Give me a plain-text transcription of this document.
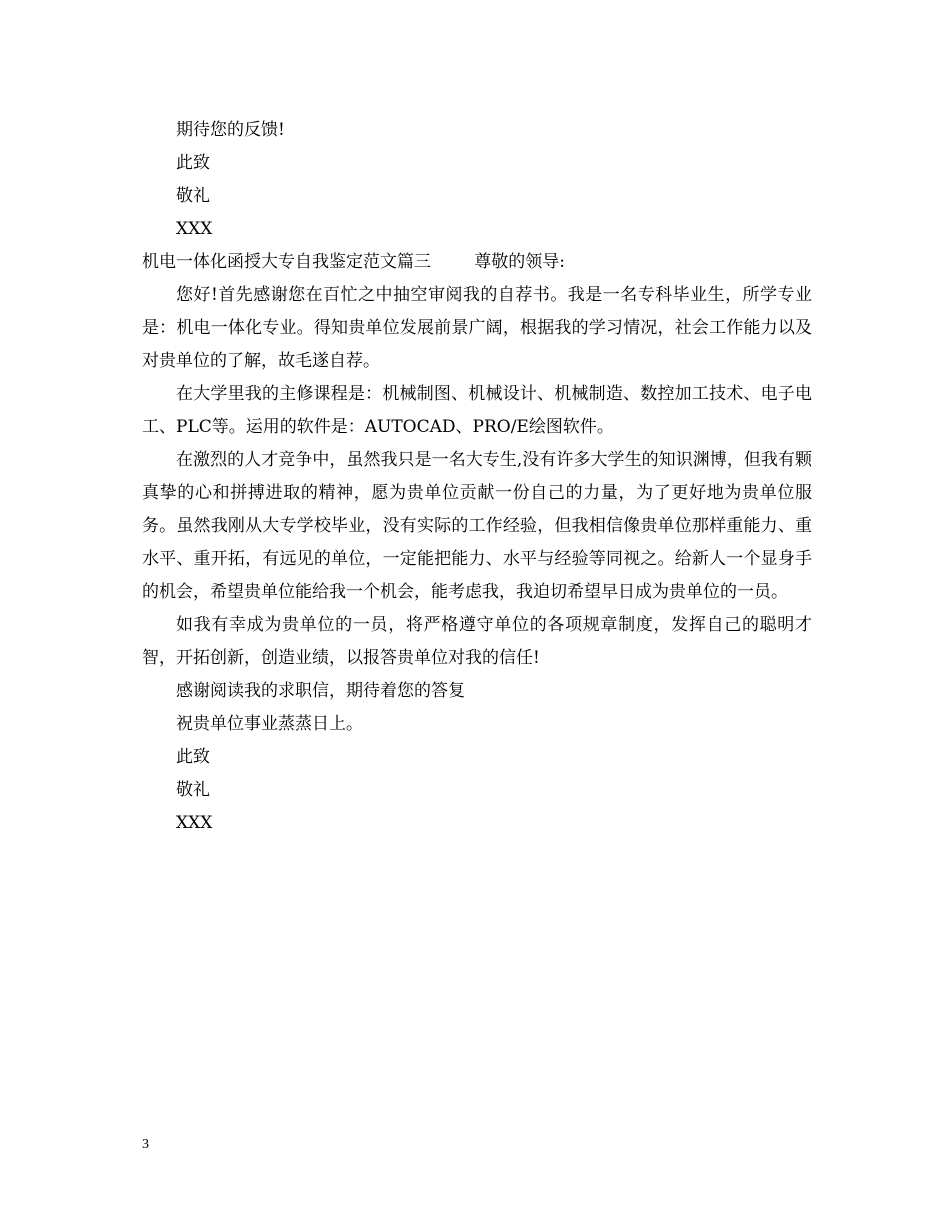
期待您的反馈!

此致

敬礼

XXX

机电一体化函授大专自我鉴定范文篇三	尊敬的领导:

您好!首先感谢您在百忙之中抽空审阅我的自荐书。我是一名专科毕业生，所学专业是：机电一体化专业。得知贵单位发展前景广阔，根据我的学习情况，社会工作能力以及对贵单位的了解，故毛遂自荐。

在大学里我的主修课程是：机械制图、机械设计、机械制造、数控加工技术、电子电工、PLC等。运用的软件是：AUTOCAD、PRO/E绘图软件。

在激烈的人才竞争中，虽然我只是一名大专生,没有许多大学生的知识渊博，但我有颗真挚的心和拼搏进取的精神，愿为贵单位贡献一份自己的力量，为了更好地为贵单位服务。虽然我刚从大专学校毕业，没有实际的工作经验，但我相信像贵单位那样重能力、重水平、重开拓，有远见的单位，一定能把能力、水平与经验等同视之。给新人一个显身手的机会，希望贵单位能给我一个机会，能考虑我，我迫切希望早日成为贵单位的一员。

如我有幸成为贵单位的一员，将严格遵守单位的各项规章制度，发挥自己的聪明才智，开拓创新，创造业绩，以报答贵单位对我的信任!

感谢阅读我的求职信，期待着您的答复

祝贵单位事业蒸蒸日上。

此致

敬礼

XXX

3
